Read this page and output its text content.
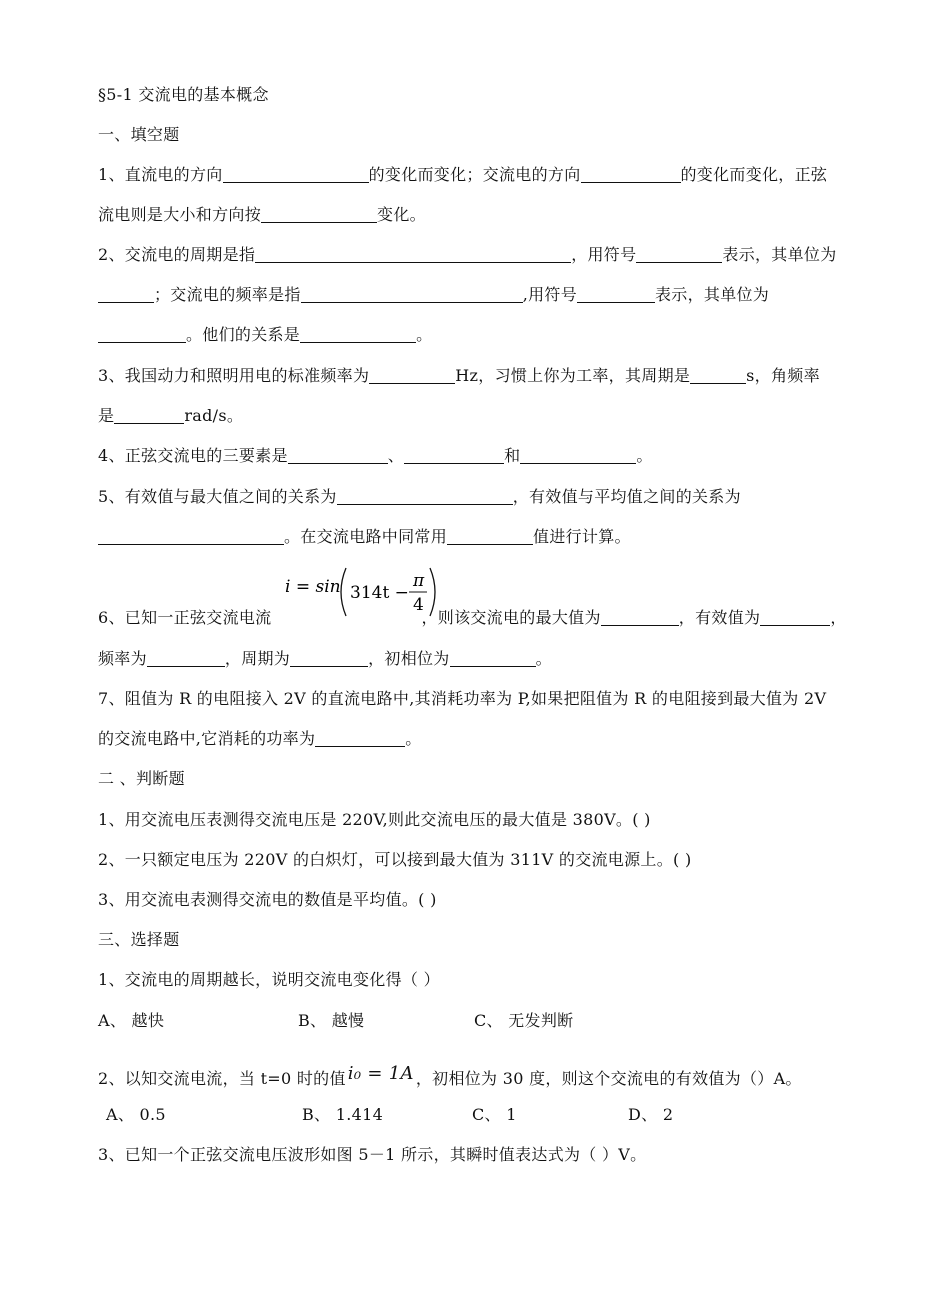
§5-1 交流电的基本概念
一、填空题
1、直流电的方向	的变化而变化；交流电的方向	的变化而变化，正弦
流电则是大小和方向按	变化。
2、交流电的周期是指	，用符号	表示，其单位为
；交流电的频率是指	,用符号	表示，其单位为
。他们的关系是	。
3、我国动力和照明用电的标准频率为	Hz，习惯上你为工率，其周期是	s，角频率
是	rad/s。
4、正弦交流电的三要素是	、	和	。
5、有效值与最大值之间的关系为	，有效值与平均值之间的关系为
。在交流电路中同常用	值进行计算。
i = sin 314t −
π
4
6、已知一正弦交流电流	，则该交流电的最大值为	，有效值为	，
频率为	，周期为	，初相位为	。
7、阻值为 R 的电阻接入 2V 的直流电路中,其消耗功率为 P,如果把阻值为 R 的电阻接到最大值为 2V
的交流电路中,它消耗的功率为	。
二 、判断题
1、用交流电压表测得交流电压是 220V,则此交流电压的最大值是 380V。( )
2、一只额定电压为 220V 的白炽灯，可以接到最大值为 311V 的交流电源上。( )
3、用交流电表测得交流电的数值是平均值。( )
三、选择题
1、交流电的周期越长，说明交流电变化得（ ）
A、 越快	B、 越慢	C、 无发判断
2、以知交流电流，当 t=0 时的值 i₀ = 1A ，初相位为 30 度，则这个交流电的有效值为（）A。
A、 0.5	B、 1.414	C、 1	D、 2
3、已知一个正弦交流电压波形如图 5－1 所示，其瞬时值表达式为（ ）V。
